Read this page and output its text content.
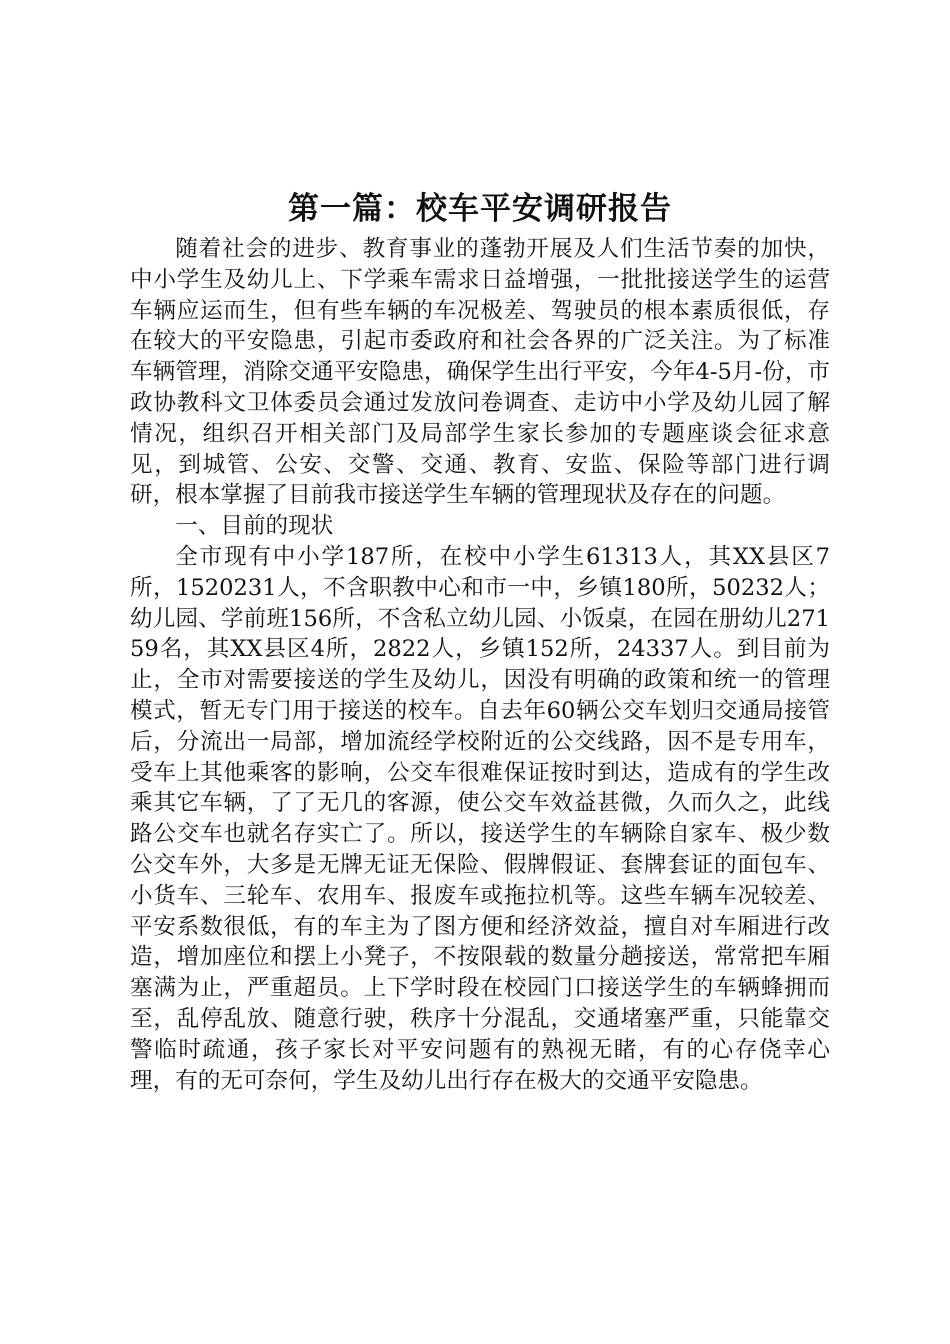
第一篇：校车平安调研报告

随着社会的进步、教育事业的蓬勃开展及人们生活节奏的加快，中小学生及幼儿上、下学乘车需求日益增强，一批批接送学生的运营车辆应运而生，但有些车辆的车况极差、驾驶员的根本素质很低，存在较大的平安隐患，引起市委政府和社会各界的广泛关注。为了标准车辆管理，消除交通平安隐患，确保学生出行平安，今年4-5月-份，市政协教科文卫体委员会通过发放问卷调查、走访中小学及幼儿园了解情况，组织召开相关部门及局部学生家长参加的专题座谈会征求意见，到城管、公安、交警、交通、教育、安监、保险等部门进行调研，根本掌握了目前我市接送学生车辆的管理现状及存在的问题。

一、目前的现状

全市现有中小学187所，在校中小学生61313人，其XX县区7所，1520231人，不含职教中心和市一中，乡镇180所，50232人；幼儿园、学前班156所，不含私立幼儿园、小饭桌，在园在册幼儿27159名，其XX县区4所，2822人，乡镇152所，24337人。到目前为止，全市对需要接送的学生及幼儿，因没有明确的政策和统一的管理模式，暂无专门用于接送的校车。自去年60辆公交车划归交通局接管后，分流出一局部，增加流经学校附近的公交线路，因不是专用车，受车上其他乘客的影响，公交车很难保证按时到达，造成有的学生改乘其它车辆，了了无几的客源，使公交车效益甚微，久而久之，此线路公交车也就名存实亡了。所以，接送学生的车辆除自家车、极少数公交车外，大多是无牌无证无保险、假牌假证、套牌套证的面包车、小货车、三轮车、农用车、报废车或拖拉机等。这些车辆车况较差、平安系数很低，有的车主为了图方便和经济效益，擅自对车厢进行改造，增加座位和摆上小凳子，不按限载的数量分趟接送，常常把车厢塞满为止，严重超员。上下学时段在校园门口接送学生的车辆蜂拥而至，乱停乱放、随意行驶，秩序十分混乱，交通堵塞严重，只能靠交警临时疏通，孩子家长对平安问题有的熟视无睹，有的心存侥幸心理，有的无可奈何，学生及幼儿出行存在极大的交通平安隐患。
